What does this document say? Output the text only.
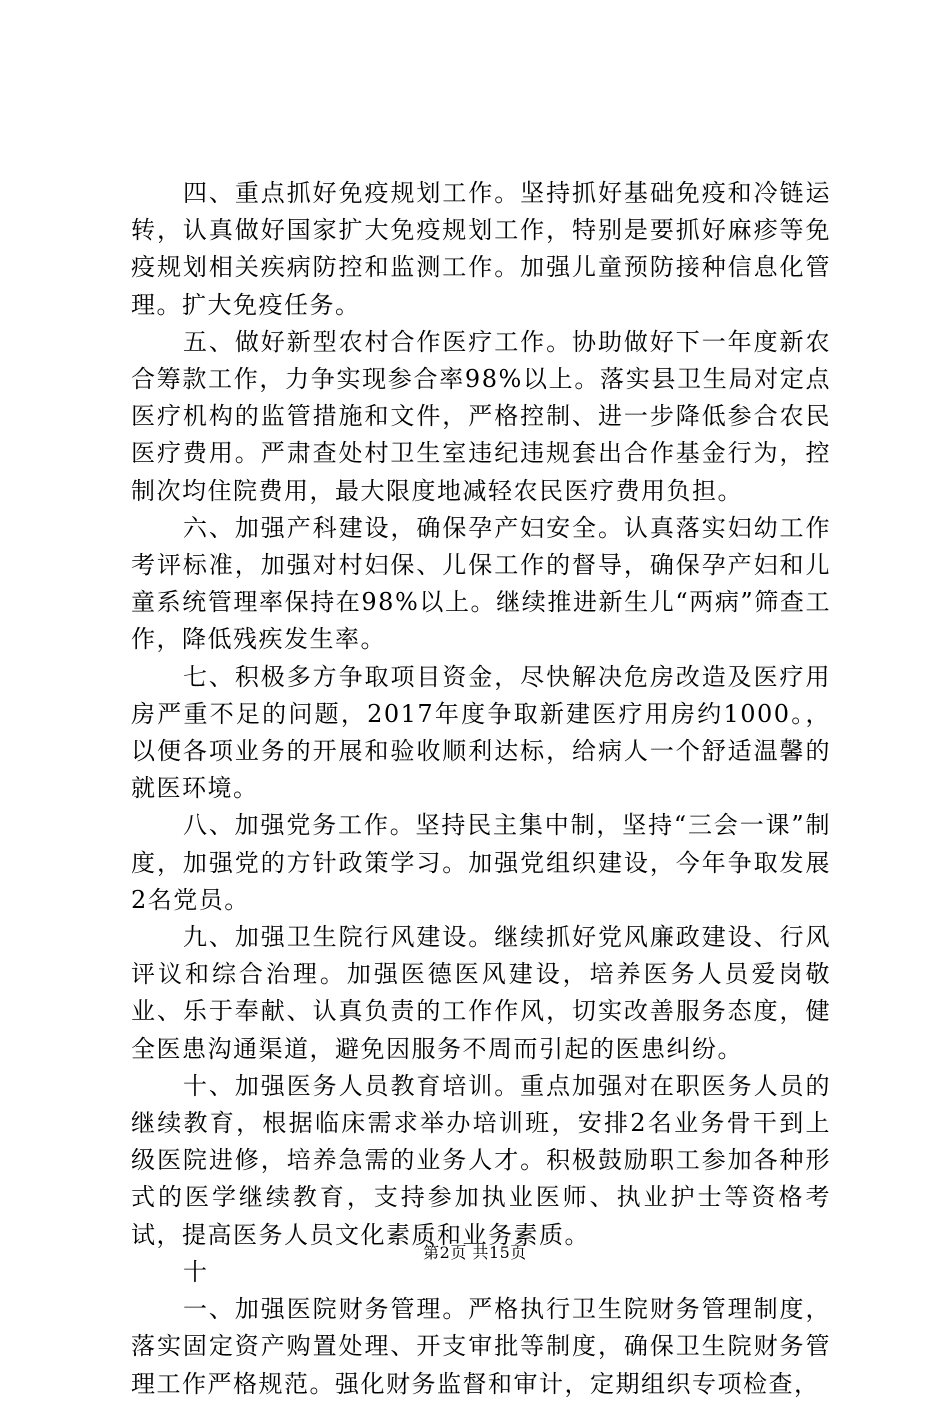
四、重点抓好免疫规划工作。坚持抓好基础免疫和冷链运转，认真做好国家扩大免疫规划工作，特别是要抓好麻疹等免疫规划相关疾病防控和监测工作。加强儿童预防接种信息化管理。扩大免疫任务。

五、做好新型农村合作医疗工作。协助做好下一年度新农合筹款工作，力争实现参合率98%以上。落实县卫生局对定点医疗机构的监管措施和文件，严格控制、进一步降低参合农民医疗费用。严肃查处村卫生室违纪违规套出合作基金行为，控制次均住院费用，最大限度地减轻农民医疗费用负担。

六、加强产科建设，确保孕产妇安全。认真落实妇幼工作考评标准，加强对村妇保、儿保工作的督导，确保孕产妇和儿童系统管理率保持在98%以上。继续推进新生儿“两病”筛查工作，降低残疾发生率。

七、积极多方争取项目资金，尽快解决危房改造及医疗用房严重不足的问题，2017年度争取新建医疗用房约1000。，以便各项业务的开展和验收顺利达标，给病人一个舒适温馨的就医环境。

八、加强党务工作。坚持民主集中制，坚持“三会一课”制度，加强党的方针政策学习。加强党组织建设，今年争取发展2名党员。

九、加强卫生院行风建设。继续抓好党风廉政建设、行风评议和综合治理。加强医德医风建设，培养医务人员爱岗敬业、乐于奉献、认真负责的工作作风，切实改善服务态度，健全医患沟通渠道，避免因服务不周而引起的医患纠纷。

十、加强医务人员教育培训。重点加强对在职医务人员的继续教育，根据临床需求举办培训班，安排2名业务骨干到上级医院进修，培养急需的业务人才。积极鼓励职工参加各种形式的医学继续教育，支持参加执业医师、执业护士等资格考试，提高医务人员文化素质和业务素质。

十

一、加强医院财务管理。严格执行卫生院财务管理制度，落实固定资产购置处理、开支审批等制度，确保卫生院财务管理工作严格规范。强化财务监督和审计，定期组织专项检查，

第2页 共15页
